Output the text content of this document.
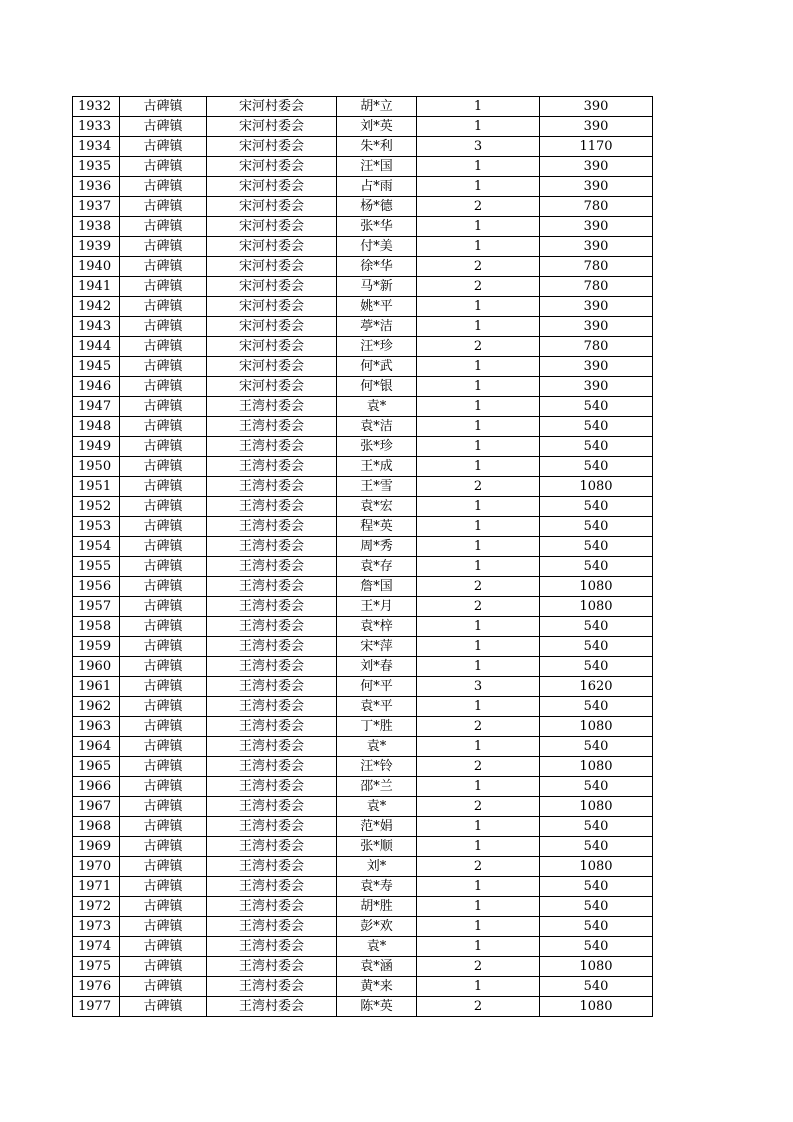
1932	古碑镇	宋河村委会	胡*立	1	390
1933	古碑镇	宋河村委会	刘*英	1	390
1934	古碑镇	宋河村委会	朱*利	3	1170
1935	古碑镇	宋河村委会	汪*国	1	390
1936	古碑镇	宋河村委会	占*雨	1	390
1937	古碑镇	宋河村委会	杨*德	2	780
1938	古碑镇	宋河村委会	张*华	1	390
1939	古碑镇	宋河村委会	付*美	1	390
1940	古碑镇	宋河村委会	徐*华	2	780
1941	古碑镇	宋河村委会	马*新	2	780
1942	古碑镇	宋河村委会	姚*平	1	390
1943	古碑镇	宋河村委会	葶*洁	1	390
1944	古碑镇	宋河村委会	汪*珍	2	780
1945	古碑镇	宋河村委会	何*武	1	390
1946	古碑镇	宋河村委会	何*银	1	390
1947	古碑镇	王湾村委会	袁*	1	540
1948	古碑镇	王湾村委会	袁*洁	1	540
1949	古碑镇	王湾村委会	张*珍	1	540
1950	古碑镇	王湾村委会	王*成	1	540
1951	古碑镇	王湾村委会	王*雪	2	1080
1952	古碑镇	王湾村委会	袁*宏	1	540
1953	古碑镇	王湾村委会	程*英	1	540
1954	古碑镇	王湾村委会	周*秀	1	540
1955	古碑镇	王湾村委会	袁*存	1	540
1956	古碑镇	王湾村委会	詹*国	2	1080
1957	古碑镇	王湾村委会	王*月	2	1080
1958	古碑镇	王湾村委会	袁*梓	1	540
1959	古碑镇	王湾村委会	宋*萍	1	540
1960	古碑镇	王湾村委会	刘*春	1	540
1961	古碑镇	王湾村委会	何*平	3	1620
1962	古碑镇	王湾村委会	袁*平	1	540
1963	古碑镇	王湾村委会	丁*胜	2	1080
1964	古碑镇	王湾村委会	袁*	1	540
1965	古碑镇	王湾村委会	汪*铃	2	1080
1966	古碑镇	王湾村委会	邵*兰	1	540
1967	古碑镇	王湾村委会	袁*	2	1080
1968	古碑镇	王湾村委会	范*娟	1	540
1969	古碑镇	王湾村委会	张*顺	1	540
1970	古碑镇	王湾村委会	刘*	2	1080
1971	古碑镇	王湾村委会	袁*寿	1	540
1972	古碑镇	王湾村委会	胡*胜	1	540
1973	古碑镇	王湾村委会	彭*欢	1	540
1974	古碑镇	王湾村委会	袁*	1	540
1975	古碑镇	王湾村委会	袁*涵	2	1080
1976	古碑镇	王湾村委会	黄*来	1	540
1977	古碑镇	王湾村委会	陈*英	2	1080
